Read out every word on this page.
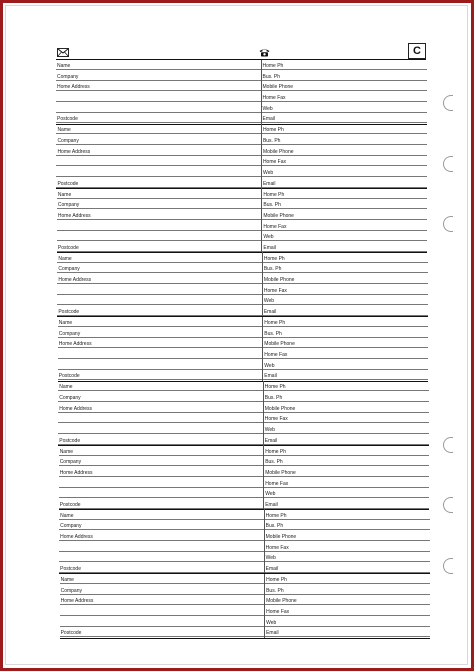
C
Name	Home Ph
Company	Bus. Ph
Home Address	Mobile Phone
Home Fax
Web
Postcode	Email
Name	Home Ph
Company	Bus. Ph
Home Address	Mobile Phone
Home Fax
Web
Postcode	Email
Name	Home Ph
Company	Bus. Ph
Home Address	Mobile Phone
Home Fax
Web
Postcode	Email
Name	Home Ph
Company	Bus. Ph
Home Address	Mobile Phone
Home Fax
Web
Postcode	Email
Name	Home Ph
Company	Bus. Ph
Home Address	Mobile Phone
Home Fax
Web
Postcode	Email
Name	Home Ph
Company	Bus. Ph
Home Address	Mobile Phone
Home Fax
Web
Postcode	Email
Name	Home Ph
Company	Bus. Ph
Home Address	Mobile Phone
Home Fax
Web
Postcode	Email
Name	Home Ph
Company	Bus. Ph
Home Address	Mobile Phone
Home Fax
Web
Postcode	Email
Name	Home Ph
Company	Bus. Ph
Home Address	Mobile Phone
Home Fax
Web
Postcode	Email
